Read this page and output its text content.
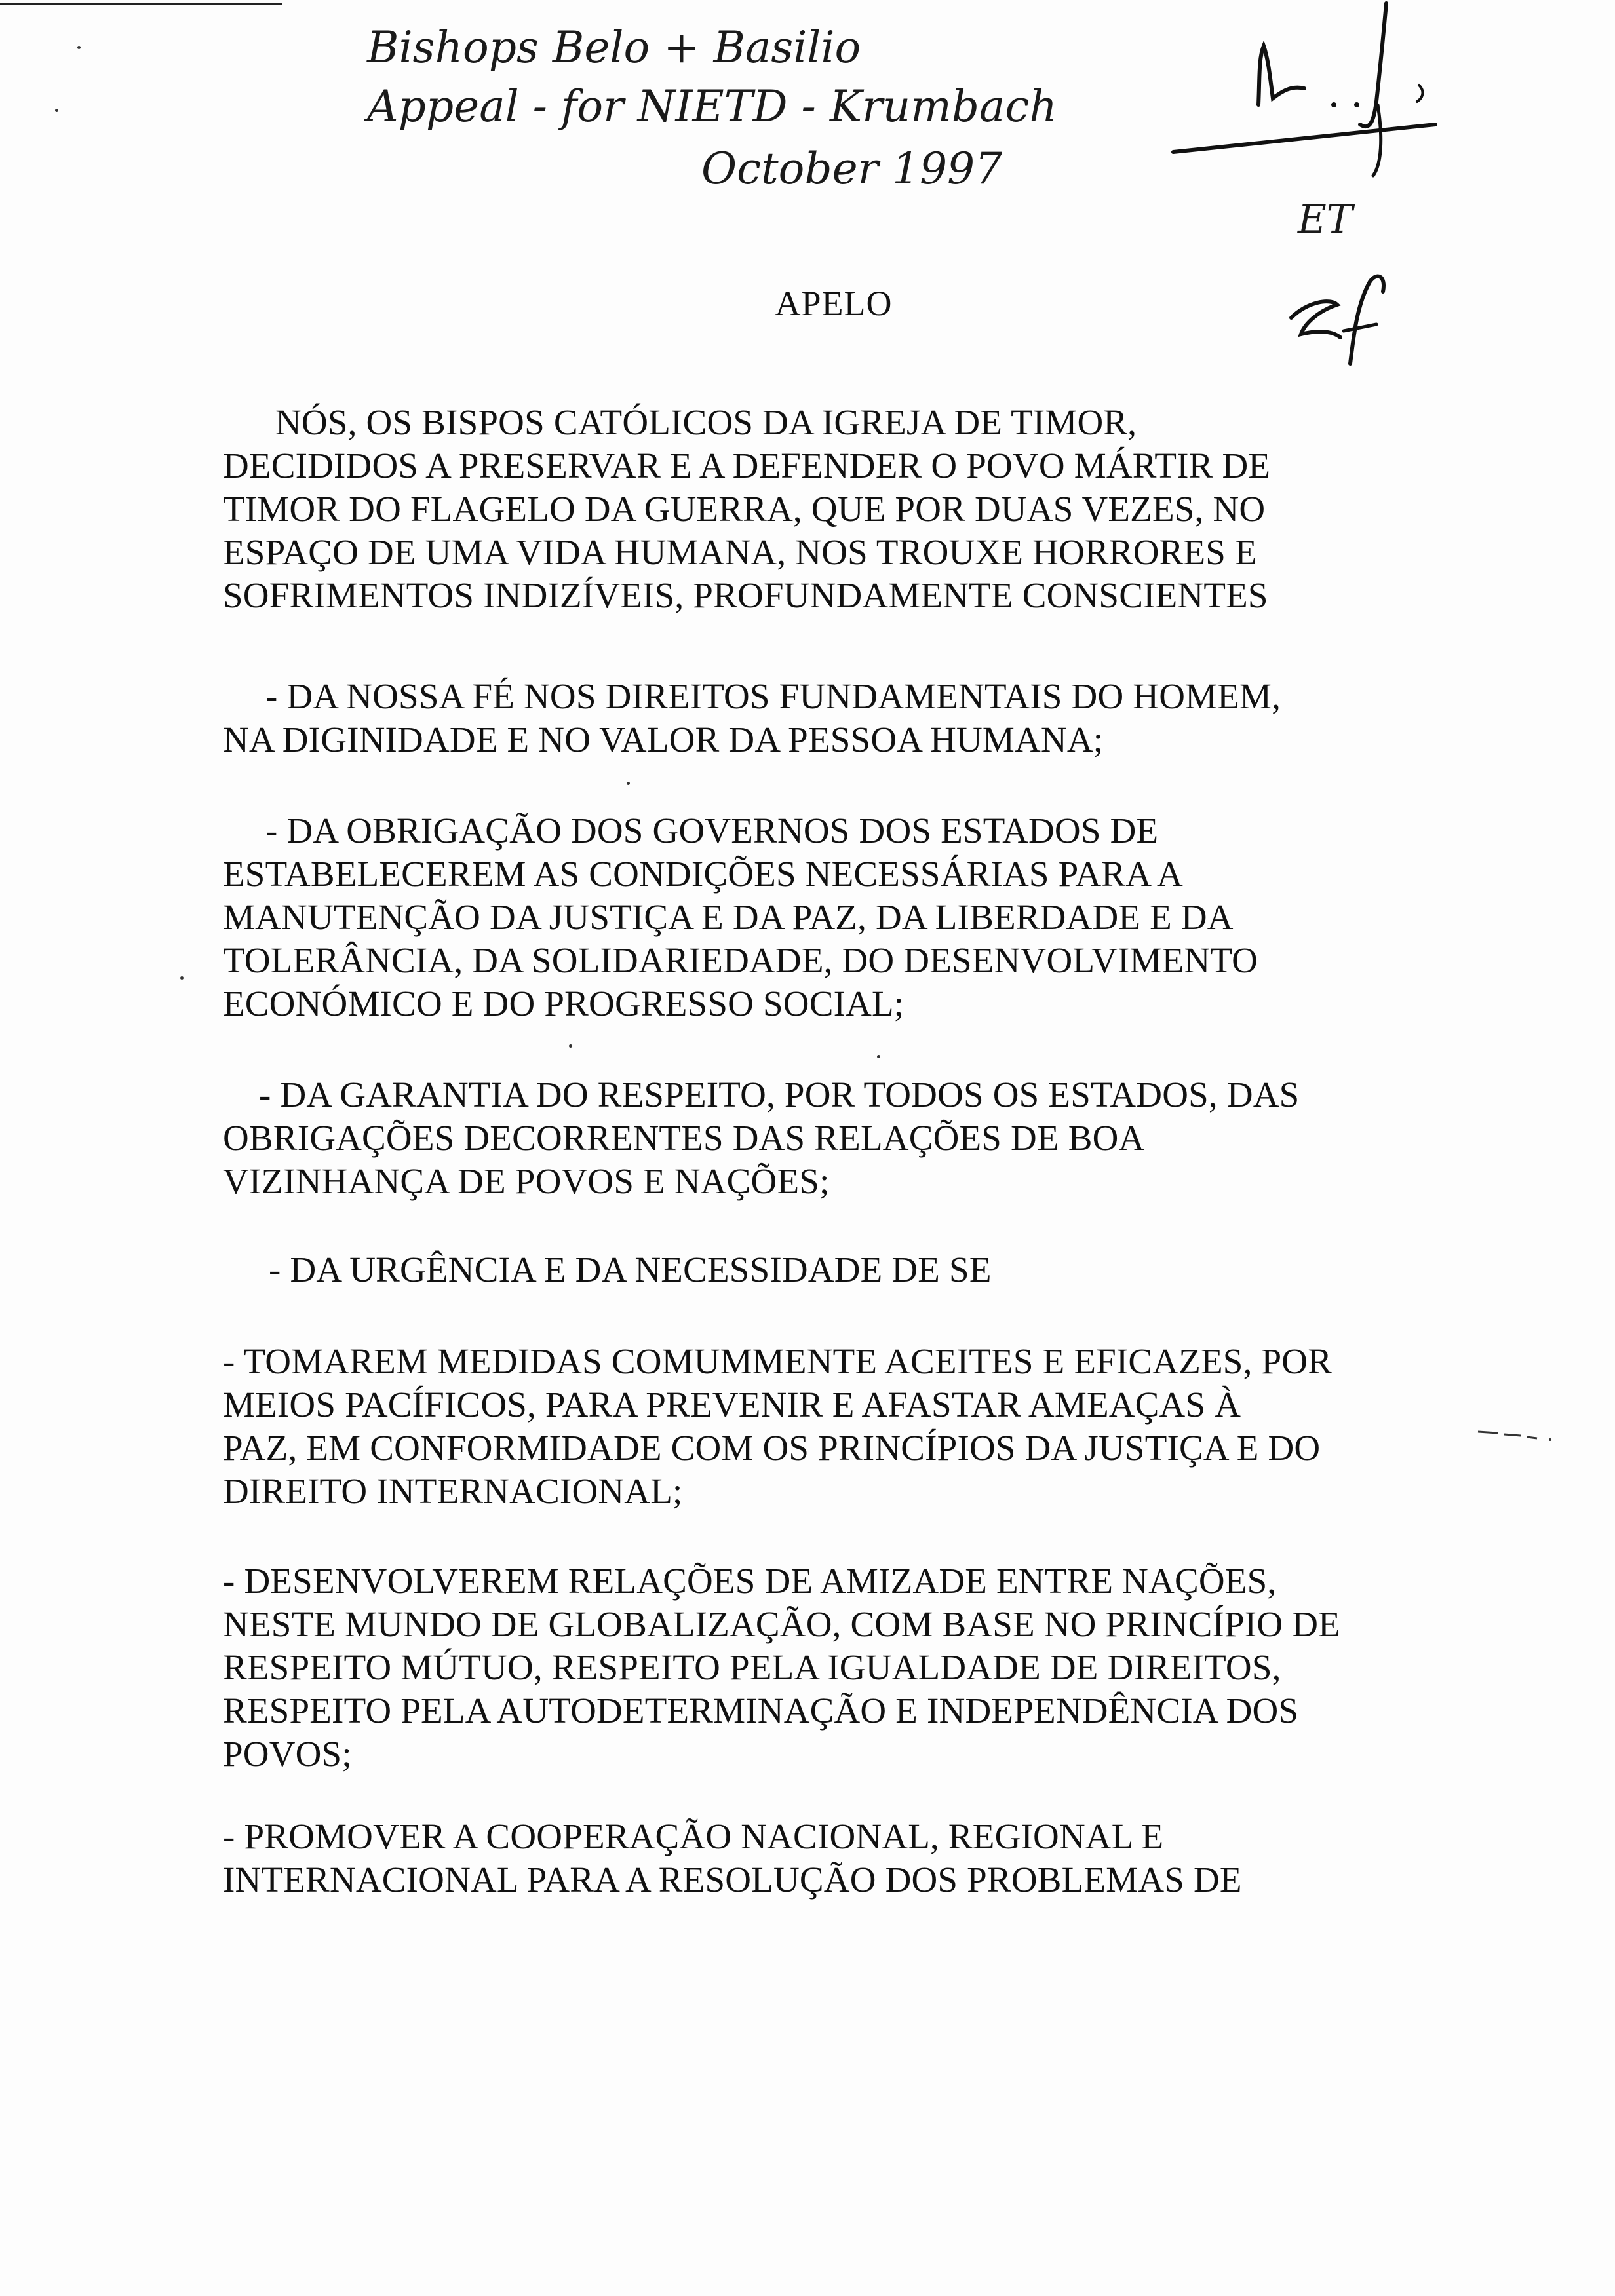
Bishops Belo + Basilio
Appeal - for NIETD - Krumbach
October 1997
ET
APELO

NÓS, OS BISPOS CATÓLICOS DA IGREJA DE TIMOR,
DECIDIDOS A PRESERVAR E A DEFENDER O POVO MÁRTIR DE
TIMOR DO FLAGELO DA GUERRA, QUE POR DUAS VEZES, NO
ESPAÇO DE UMA VIDA HUMANA, NOS TROUXE HORRORES E
SOFRIMENTOS INDIZÍVEIS, PROFUNDAMENTE CONSCIENTES

- DA NOSSA FÉ NOS DIREITOS FUNDAMENTAIS DO HOMEM,
NA DIGINIDADE E NO VALOR DA PESSOA HUMANA;

- DA OBRIGAÇÃO DOS GOVERNOS DOS ESTADOS DE
ESTABELECEREM AS CONDIÇÕES NECESSÁRIAS PARA A
MANUTENÇÃO DA JUSTIÇA E DA PAZ, DA LIBERDADE E DA
TOLERÂNCIA, DA SOLIDARIEDADE, DO DESENVOLVIMENTO
ECONÓMICO E DO PROGRESSO SOCIAL;

- DA GARANTIA DO RESPEITO, POR TODOS OS ESTADOS, DAS
OBRIGAÇÕES DECORRENTES DAS RELAÇÕES DE BOA
VIZINHANÇA DE POVOS E NAÇÕES;

- DA URGÊNCIA E DA NECESSIDADE DE SE

- TOMAREM MEDIDAS COMUMMENTE ACEITES E EFICAZES, POR
MEIOS PACÍFICOS, PARA PREVENIR E AFASTAR AMEAÇAS À
PAZ, EM CONFORMIDADE COM OS PRINCÍPIOS DA JUSTIÇA E DO
DIREITO INTERNACIONAL;

- DESENVOLVEREM RELAÇÕES DE AMIZADE ENTRE NAÇÕES,
NESTE MUNDO DE GLOBALIZAÇÃO, COM BASE NO PRINCÍPIO DE
RESPEITO MÚTUO, RESPEITO PELA IGUALDADE DE DIREITOS,
RESPEITO PELA AUTODETERMINAÇÃO E INDEPENDÊNCIA DOS
POVOS;

- PROMOVER A COOPERAÇÃO NACIONAL, REGIONAL E
INTERNACIONAL PARA A RESOLUÇÃO DOS PROBLEMAS DE
